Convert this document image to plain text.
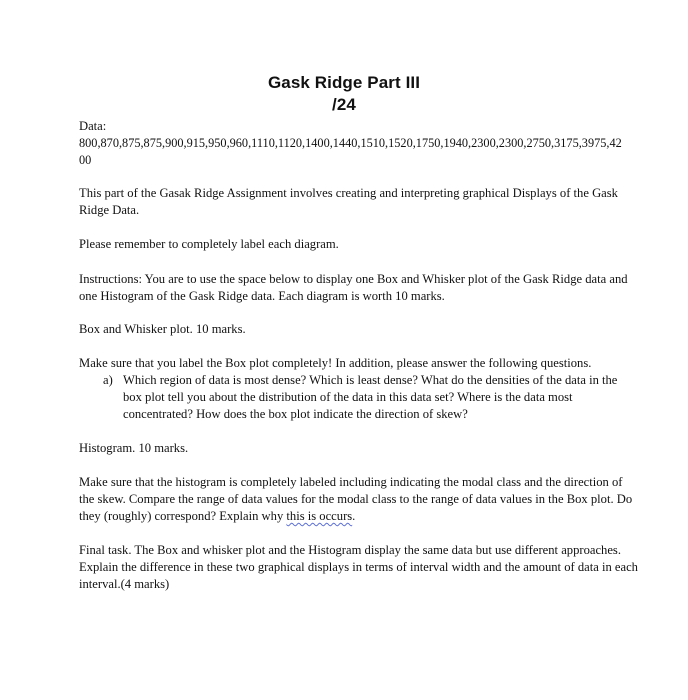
Gask Ridge Part III
/24
Data:
800,870,875,875,900,915,950,960,1110,1120,1400,1440,1510,1520,1750,1940,2300,2300,2750,3175,3975,4200
This part of the Gasak Ridge Assignment involves creating and interpreting graphical Displays of the Gask Ridge Data.
Please remember to completely label each diagram.
Instructions: You are to use the space below to display one Box and Whisker plot of the Gask Ridge data and one Histogram of the Gask Ridge data. Each diagram is worth 10 marks.
Box and Whisker plot. 10 marks.
Make sure that you label the Box plot completely! In addition, please answer the following questions.
a) Which region of data is most dense? Which is least dense? What do the densities of the data in the box plot tell you about the distribution of the data in this data set? Where is the data most concentrated? How does the box plot indicate the direction of skew?
Histogram. 10 marks.
Make sure that the histogram is completely labeled including indicating the modal class and the direction of the skew. Compare the range of data values for the modal class to the range of data values in the Box plot. Do they (roughly) correspond? Explain why this is occurs.
Final task. The Box and whisker plot and the Histogram display the same data but use different approaches. Explain the difference in these two graphical displays in terms of interval width and the amount of data in each interval.(4 marks)
